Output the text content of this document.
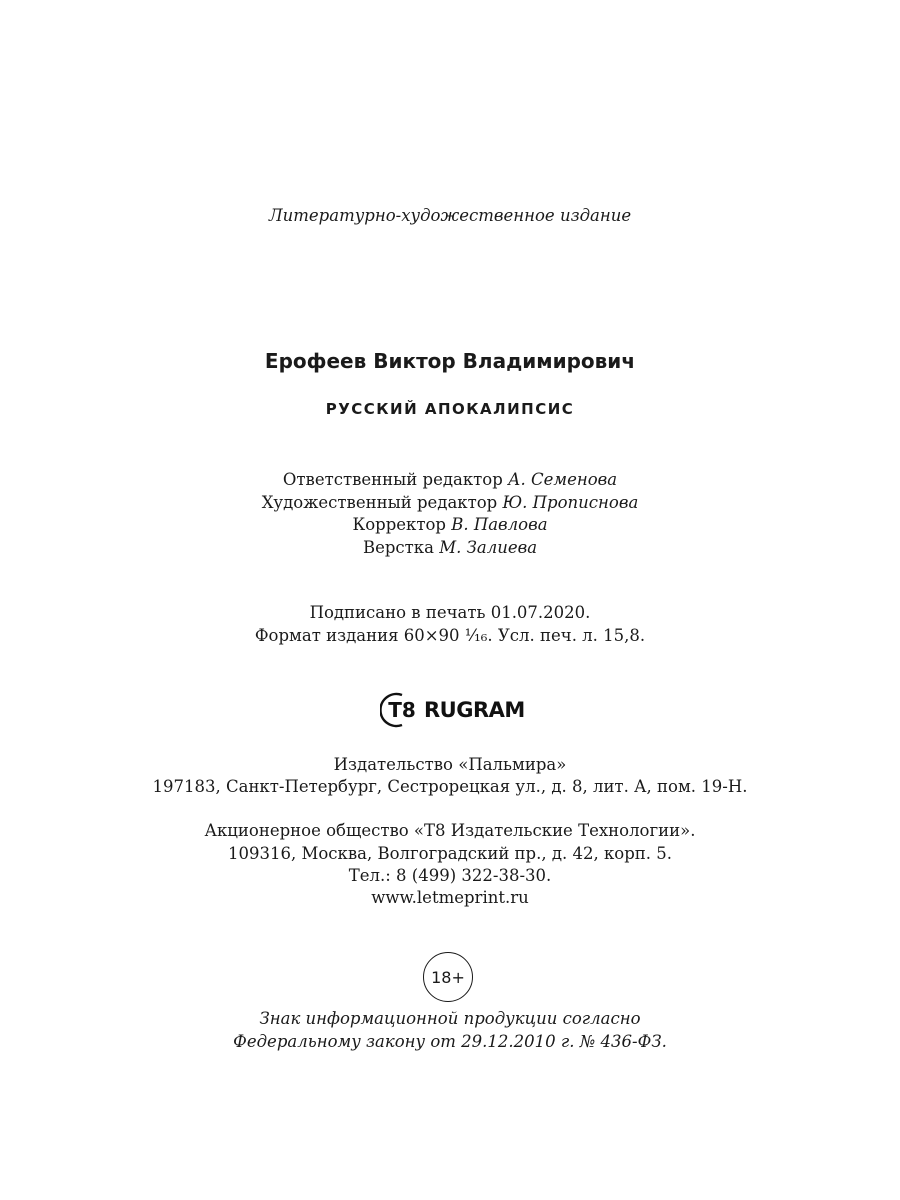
Литературно-художественное издание
Ерофеев Виктор Владимирович
РУССКИЙ АПОКАЛИПСИС
Ответственный редактор А. Семенова
Художественный редактор Ю. Прописнова
Корректор В. Павлова
Верстка М. Залиева
Подписано в печать 01.07.2020.
Формат издания 60×90 ¹⁄₁₆. Усл. печ. л. 15,8.
T8 RUGRAM
Издательство «Пальмира»
197183, Санкт-Петербург, Сестрорецкая ул., д. 8, лит. А, пом. 19-Н.
Акционерное общество «Т8 Издательские Технологии».
109316, Москва, Волгоградский пр., д. 42, корп. 5.
Тел.: 8 (499) 322-38-30.
www.letmeprint.ru
18+
Знак информационной продукции согласно
Федеральному закону от 29.12.2010 г. № 436-ФЗ.
